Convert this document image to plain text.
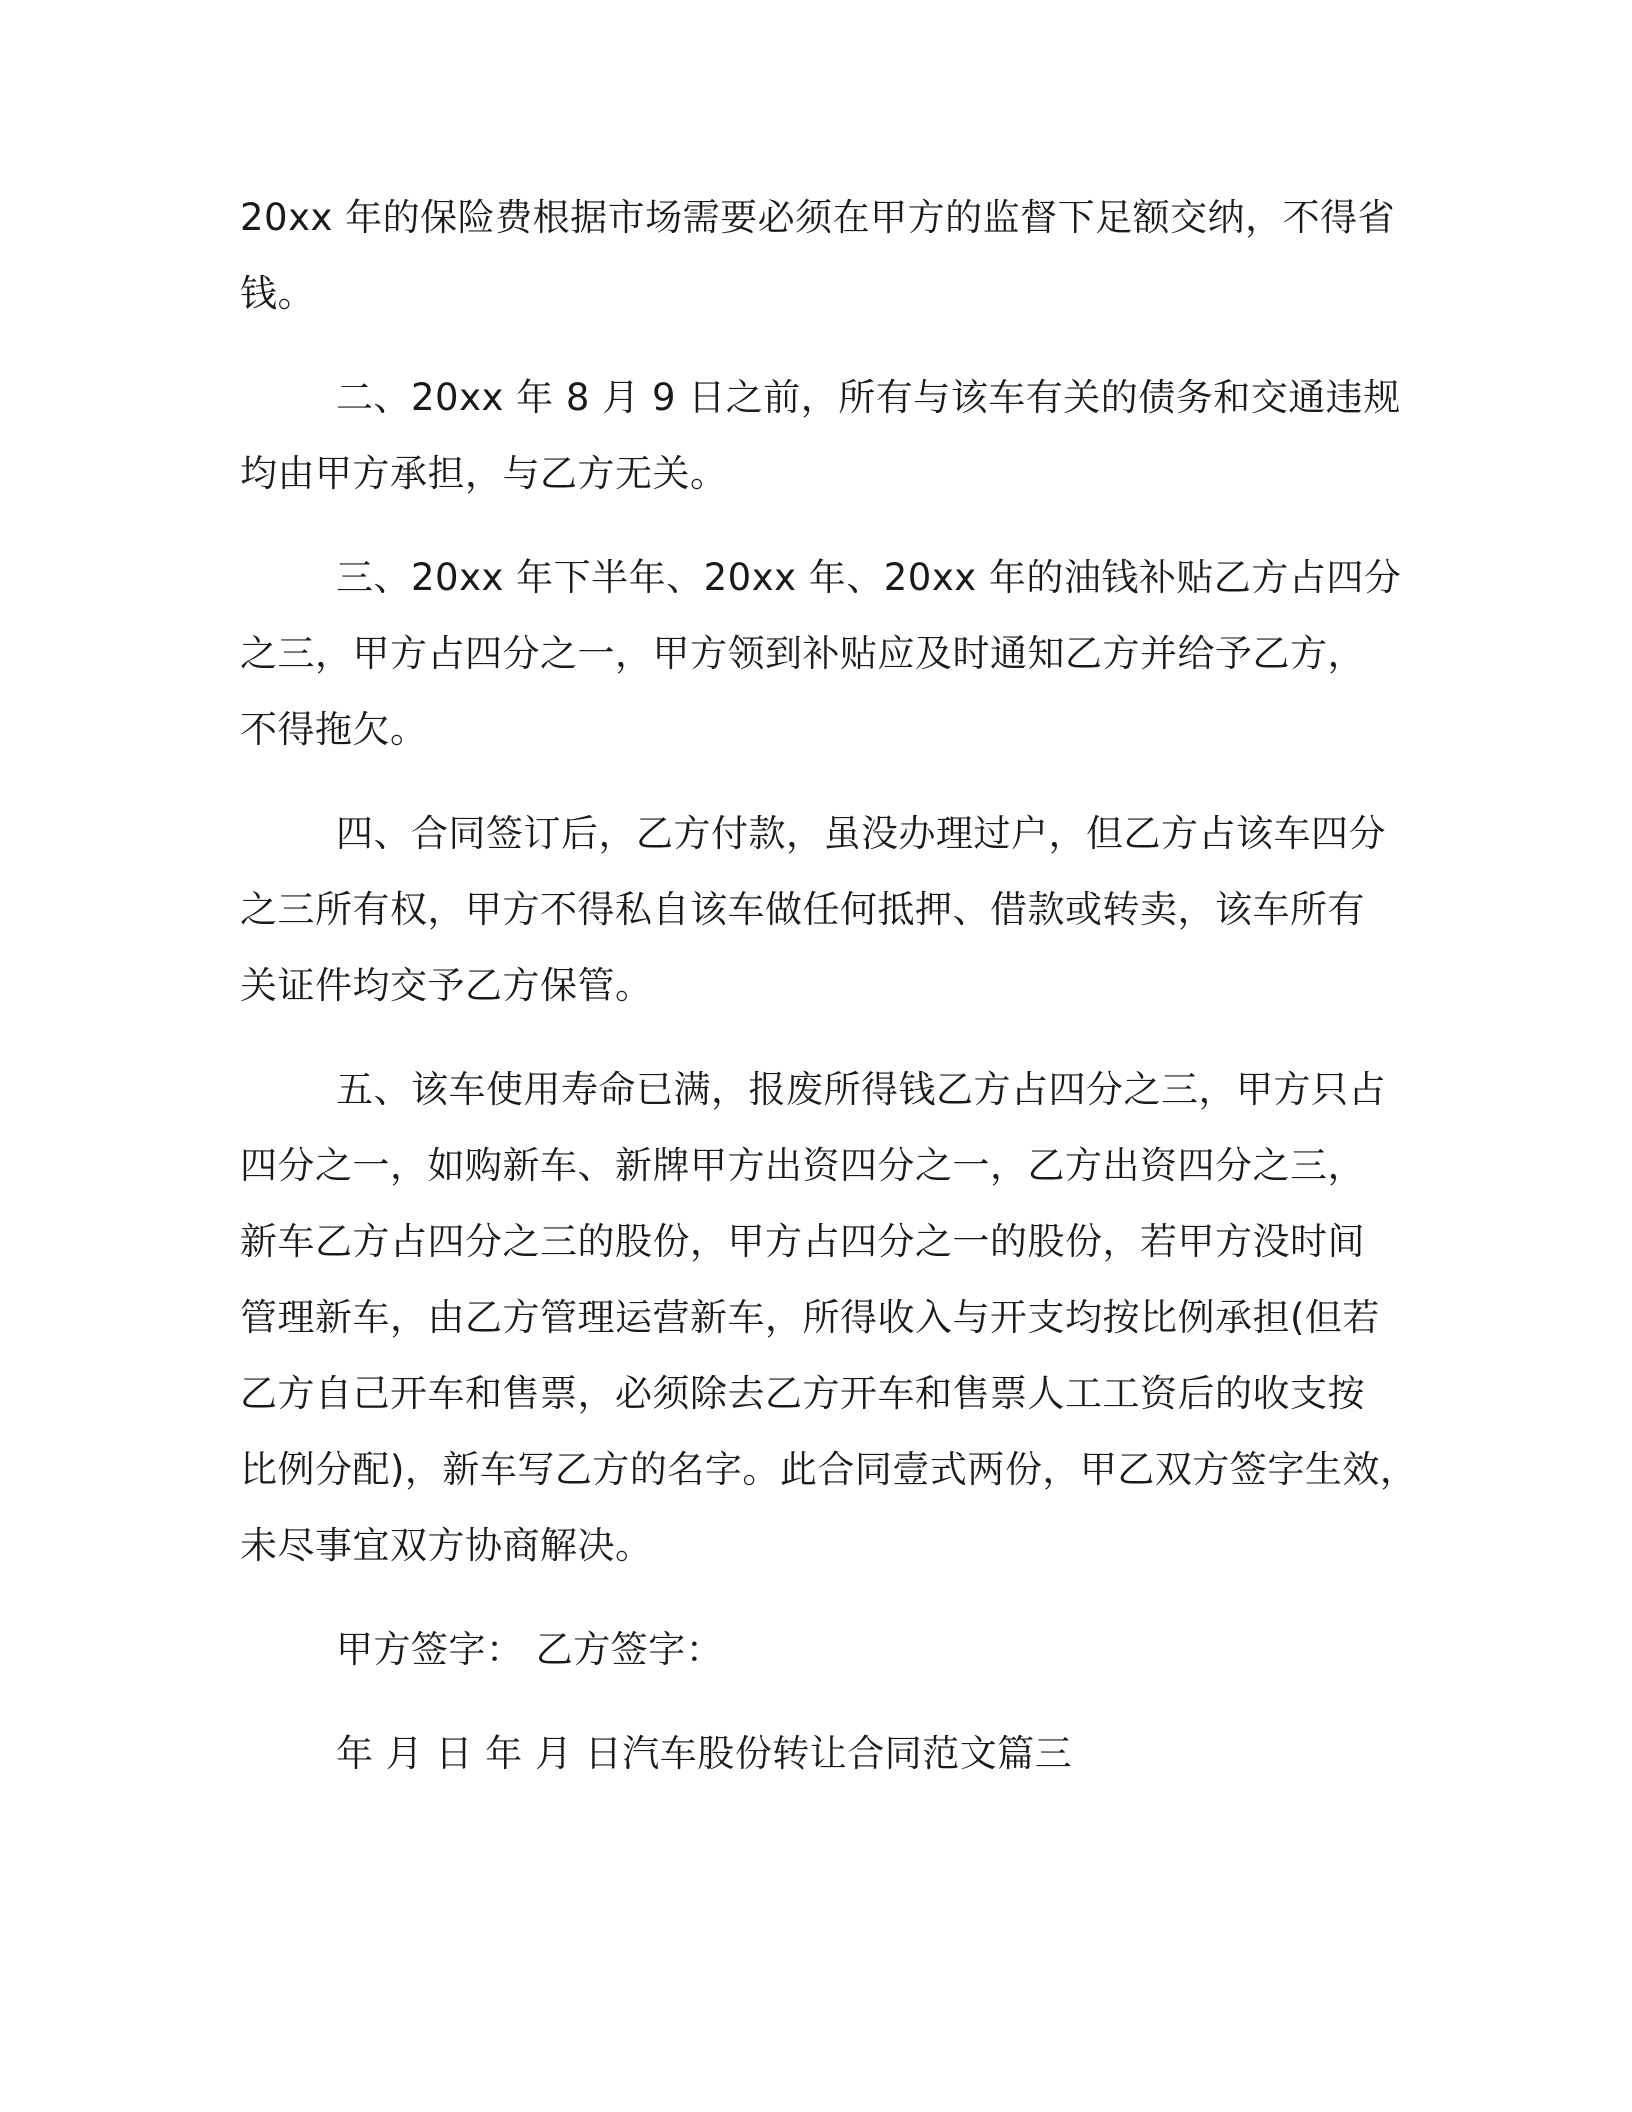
20xx 年的保险费根据市场需要必须在甲方的监督下足额交纳，不得省
钱。
二、20xx 年 8 月 9 日之前，所有与该车有关的债务和交通违规
均由甲方承担，与乙方无关。
三、20xx 年下半年、20xx 年、20xx 年的油钱补贴乙方占四分
之三，甲方占四分之一，甲方领到补贴应及时通知乙方并给予乙方，
不得拖欠。
四、合同签订后，乙方付款，虽没办理过户，但乙方占该车四分
之三所有权，甲方不得私自该车做任何抵押、借款或转卖，该车所有
关证件均交予乙方保管。
五、该车使用寿命已满，报废所得钱乙方占四分之三，甲方只占
四分之一，如购新车、新牌甲方出资四分之一，乙方出资四分之三，
新车乙方占四分之三的股份，甲方占四分之一的股份，若甲方没时间
管理新车，由乙方管理运营新车，所得收入与开支均按比例承担(但若
乙方自己开车和售票，必须除去乙方开车和售票人工工资后的收支按
比例分配)，新车写乙方的名字。此合同壹式两份，甲乙双方签字生效，
未尽事宜双方协商解决。
甲方签字： 乙方签字：
年 月 日 年 月 日汽车股份转让合同范文篇三
